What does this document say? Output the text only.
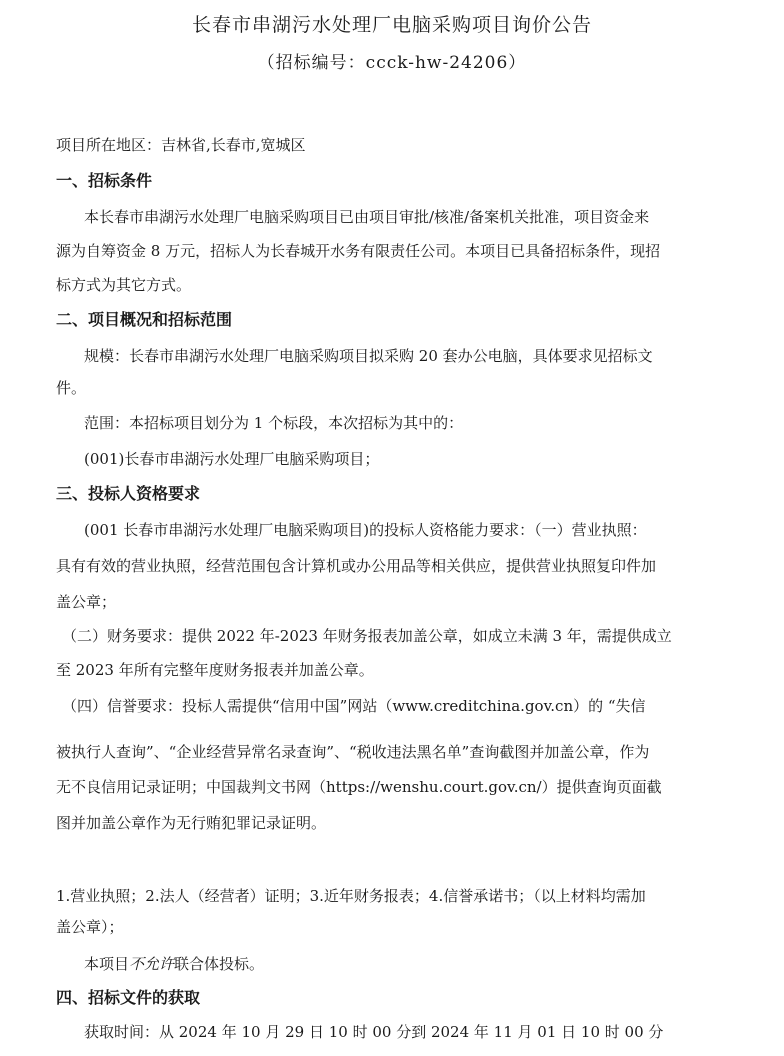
长春市串湖污水处理厂电脑采购项目询价公告
（招标编号：ccck-hw-24206）
项目所在地区：吉林省,长春市,宽城区
一、招标条件
本长春市串湖污水处理厂电脑采购项目已由项目审批/核准/备案机关批准，项目资金来
源为自筹资金 8 万元，招标人为长春城开水务有限责任公司。本项目已具备招标条件，现招
标方式为其它方式。
二、项目概况和招标范围
规模：长春市串湖污水处理厂电脑采购项目拟采购 20 套办公电脑，具体要求见招标文
件。
范围：本招标项目划分为 1 个标段，本次招标为其中的：
(001)长春市串湖污水处理厂电脑采购项目；
三、投标人资格要求
(001 长春市串湖污水处理厂电脑采购项目)的投标人资格能力要求：（一）营业执照：
具有有效的营业执照，经营范围包含计算机或办公用品等相关供应，提供营业执照复印件加
盖公章；
（二）财务要求：提供 2022 年-2023 年财务报表加盖公章，如成立未满 3 年，需提供成立
至 2023 年所有完整年度财务报表并加盖公章。
（四）信誉要求：投标人需提供“信用中国”网站（www.creditchina.gov.cn）的 “失信
被执行人查询”、“企业经营异常名录查询”、“税收违法黑名单”查询截图并加盖公章，作为
无不良信用记录证明；中国裁判文书网（https://wenshu.court.gov.cn/）提供查询页面截
图并加盖公章作为无行贿犯罪记录证明。
1.营业执照；2.法人（经营者）证明；3.近年财务报表；4.信誉承诺书；（以上材料均需加
盖公章）；
本项目不允许联合体投标。
四、招标文件的获取
获取时间：从 2024 年 10 月 29 日 10 时 00 分到 2024 年 11 月 01 日 10 时 00 分
